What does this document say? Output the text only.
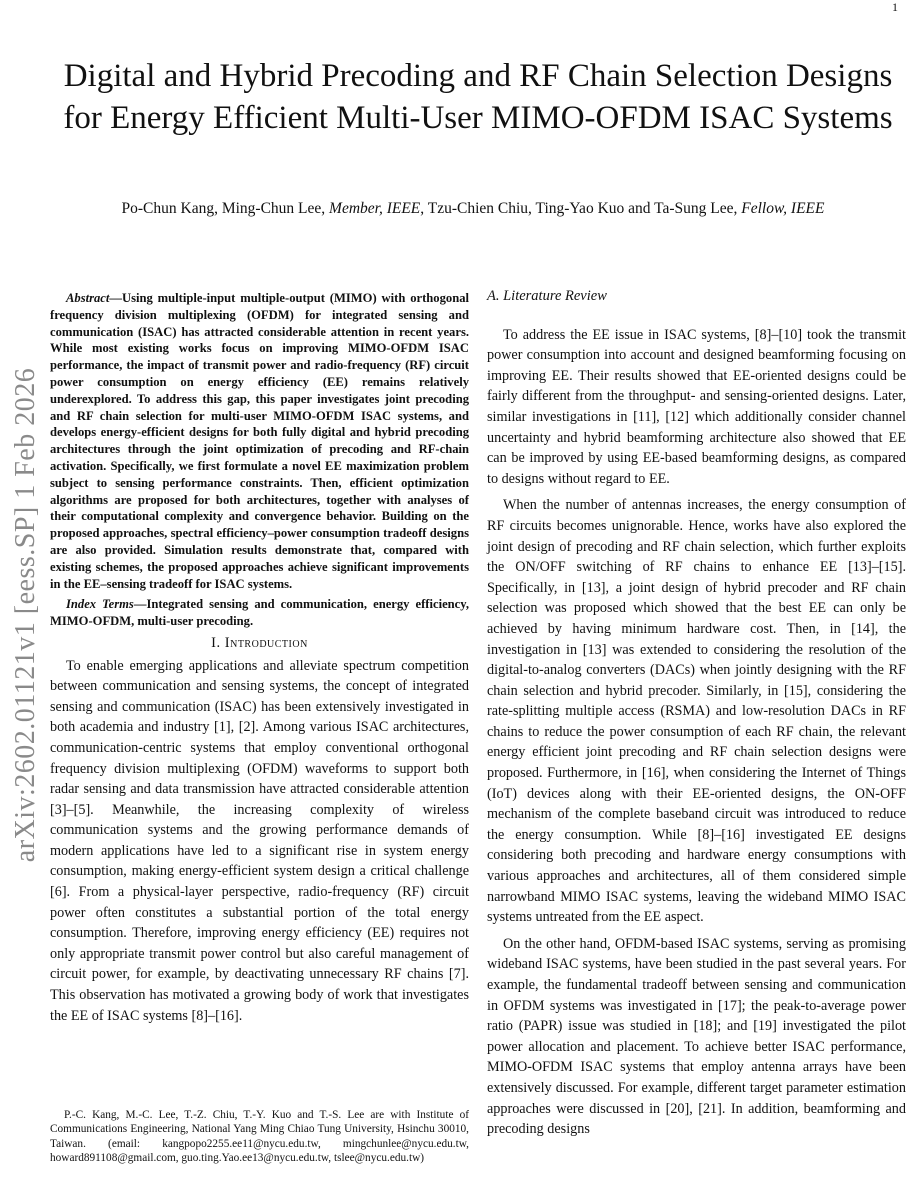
1
arXiv:2602.01121v1 [eess.SP] 1 Feb 2026
Digital and Hybrid Precoding and RF Chain Selection Designs for Energy Efficient Multi-User MIMO-OFDM ISAC Systems
Po-Chun Kang, Ming-Chun Lee, Member, IEEE, Tzu-Chien Chiu, Ting-Yao Kuo and Ta-Sung Lee, Fellow, IEEE

Abstract—Using multiple-input multiple-output (MIMO) with orthogonal frequency division multiplexing (OFDM) for integrated sensing and communication (ISAC) has attracted considerable attention in recent years. While most existing works focus on improving MIMO-OFDM ISAC performance, the impact of transmit power and radio-frequency (RF) circuit power consumption on energy efficiency (EE) remains relatively underexplored. To address this gap, this paper investigates joint precoding and RF chain selection for multi-user MIMO-OFDM ISAC systems, and develops energy-efficient designs for both fully digital and hybrid precoding architectures through the joint optimization of precoding and RF-chain activation. Specifically, we first formulate a novel EE maximization problem subject to sensing performance constraints. Then, efficient optimization algorithms are proposed for both architectures, together with analyses of their computational complexity and convergence behavior. Building on the proposed approaches, spectral efficiency–power consumption tradeoff designs are also provided. Simulation results demonstrate that, compared with existing schemes, the proposed approaches achieve significant improvements in the EE–sensing tradeoff for ISAC systems.

Index Terms—Integrated sensing and communication, energy efficiency, MIMO-OFDM, multi-user precoding.

I. Introduction

To enable emerging applications and alleviate spectrum competition between communication and sensing systems, the concept of integrated sensing and communication (ISAC) has been extensively investigated in both academia and industry [1], [2]. Among various ISAC architectures, communication-centric systems that employ conventional orthogonal frequency division multiplexing (OFDM) waveforms to support both radar sensing and data transmission have attracted considerable attention [3]–[5]. Meanwhile, the increasing complexity of wireless communication systems and the growing performance demands of modern applications have led to a significant rise in system energy consumption, making energy-efficient system design a critical challenge [6]. From a physical-layer perspective, radio-frequency (RF) circuit power often constitutes a substantial portion of the total energy consumption. Therefore, improving energy efficiency (EE) requires not only appropriate transmit power control but also careful management of circuit power, for example, by deactivating unnecessary RF chains [7]. This observation has motivated a growing body of work that investigates the EE of ISAC systems [8]–[16].

P.-C. Kang, M.-C. Lee, T.-Z. Chiu, T.-Y. Kuo and T.-S. Lee are with Institute of Communications Engineering, National Yang Ming Chiao Tung University, Hsinchu 30010, Taiwan. (email: kangpopo2255.ee11@nycu.edu.tw, mingchunlee@nycu.edu.tw, howard891108@gmail.com, guo.ting.Yao.ee13@nycu.edu.tw, tslee@nycu.edu.tw)

A. Literature Review

To address the EE issue in ISAC systems, [8]–[10] took the transmit power consumption into account and designed beamforming focusing on improving EE. Their results showed that EE-oriented designs could be fairly different from the throughput- and sensing-oriented designs. Later, similar investigations in [11], [12] which additionally consider channel uncertainty and hybrid beamforming architecture also showed that EE can be improved by using EE-based beamforming designs, as compared to designs without regard to EE.

When the number of antennas increases, the energy consumption of RF circuits becomes unignorable. Hence, works have also explored the joint design of precoding and RF chain selection, which further exploits the ON/OFF switching of RF chains to enhance EE [13]–[15]. Specifically, in [13], a joint design of hybrid precoder and RF chain selection was proposed which showed that the best EE can only be achieved by having minimum hardware cost. Then, in [14], the investigation in [13] was extended to considering the resolution of the digital-to-analog converters (DACs) when jointly designing with the RF chain selection and hybrid precoder. Similarly, in [15], considering the rate-splitting multiple access (RSMA) and low-resolution DACs in RF chains to reduce the power consumption of each RF chain, the relevant energy efficient joint precoding and RF chain selection designs were proposed. Furthermore, in [16], when considering the Internet of Things (IoT) devices along with their EE-oriented designs, the ON-OFF mechanism of the complete baseband circuit was introduced to reduce the energy consumption. While [8]–[16] investigated EE designs considering both precoding and hardware energy consumptions with various approaches and architectures, all of them considered simple narrowband MIMO ISAC systems, leaving the wideband MIMO ISAC systems untreated from the EE aspect.

On the other hand, OFDM-based ISAC systems, serving as promising wideband ISAC systems, have been studied in the past several years. For example, the fundamental tradeoff between sensing and communication in OFDM systems was investigated in [17]; the peak-to-average power ratio (PAPR) issue was studied in [18]; and [19] investigated the pilot power allocation and placement. To achieve better ISAC performance, MIMO-OFDM ISAC systems that employ antenna arrays have been extensively discussed. For example, different target parameter estimation approaches were discussed in [20], [21]. In addition, beamforming and precoding designs
